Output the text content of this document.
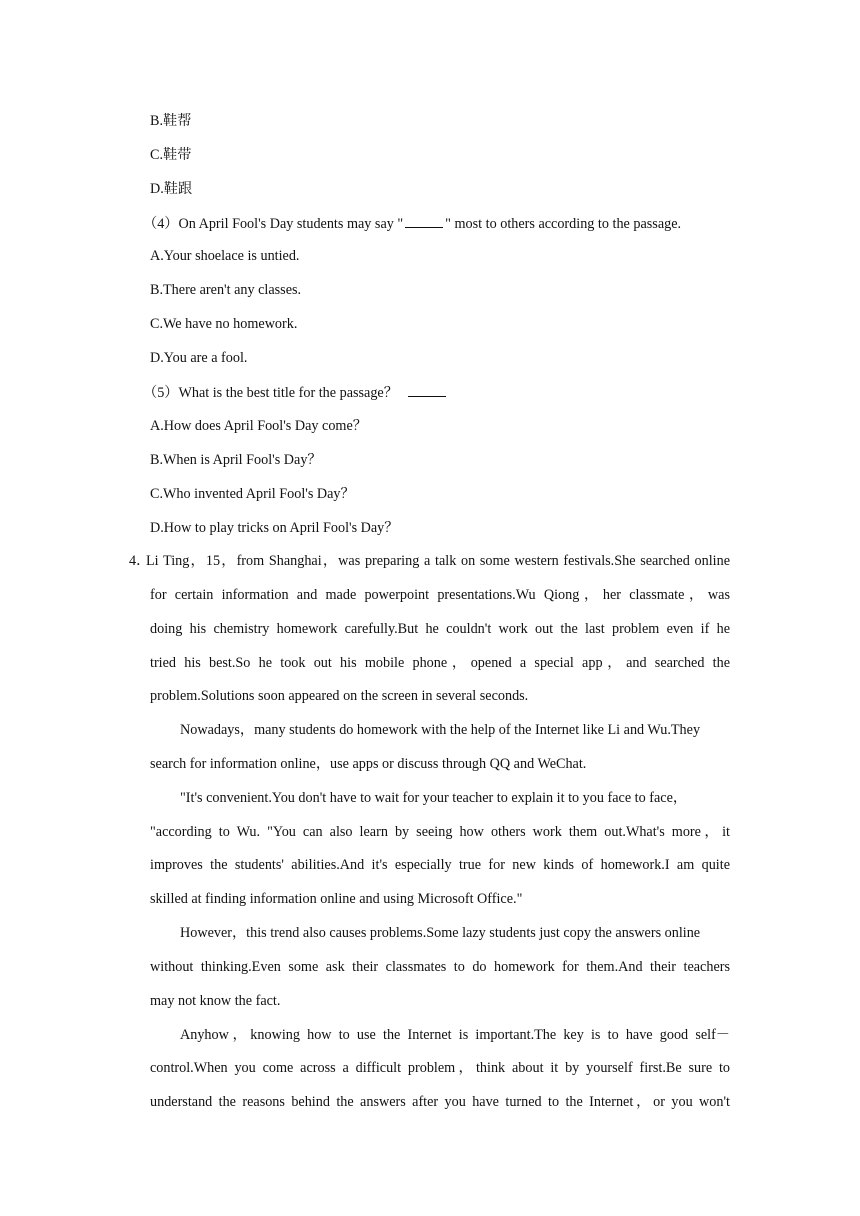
B.鞋帮
C.鞋带
D.鞋跟
（4）On April Fool's Day students may say "	" most to others according to the passage.
A.Your shoelace is untied.
B.There aren't any classes.
C.We have no homework.
D.You are a fool.
（5）What is the best title for the passage？
A.How does April Fool's Day come？
B.When is April Fool's Day？
C.Who invented April Fool's Day？
D.How to play tricks on April Fool's Day？
4．
Li Ting，15，from Shanghai，was preparing a talk on some western festivals.She searched online
for certain information and made powerpoint presentations.Wu Qiong，her classmate，was
doing his chemistry homework carefully.But he couldn't work out the last problem even if he
tried his best.So he took out his mobile phone，opened a special app，and searched the
problem.Solutions soon appeared on the screen in several seconds.
Nowadays，many students do homework with the help of the Internet like Li and Wu.They
search for information online，use apps or discuss through QQ and WeChat.
"It's convenient.You don't have to wait for your teacher to explain it to you face to face，
"according to Wu. "You can also learn by seeing how others work them out.What's more，it
improves the students' abilities.And it's especially true for new kinds of homework.I am quite
skilled at finding information online and using Microsoft Office."
However，this trend also causes problems.Some lazy students just copy the answers online
without thinking.Even some ask their classmates to do homework for them.And their teachers
may not know the fact.
Anyhow，knowing how to use the Internet is important.The key is to have good self－
control.When you come across a difficult problem，think about it by yourself first.Be sure to
understand the reasons behind the answers after you have turned to the Internet，or you won't
